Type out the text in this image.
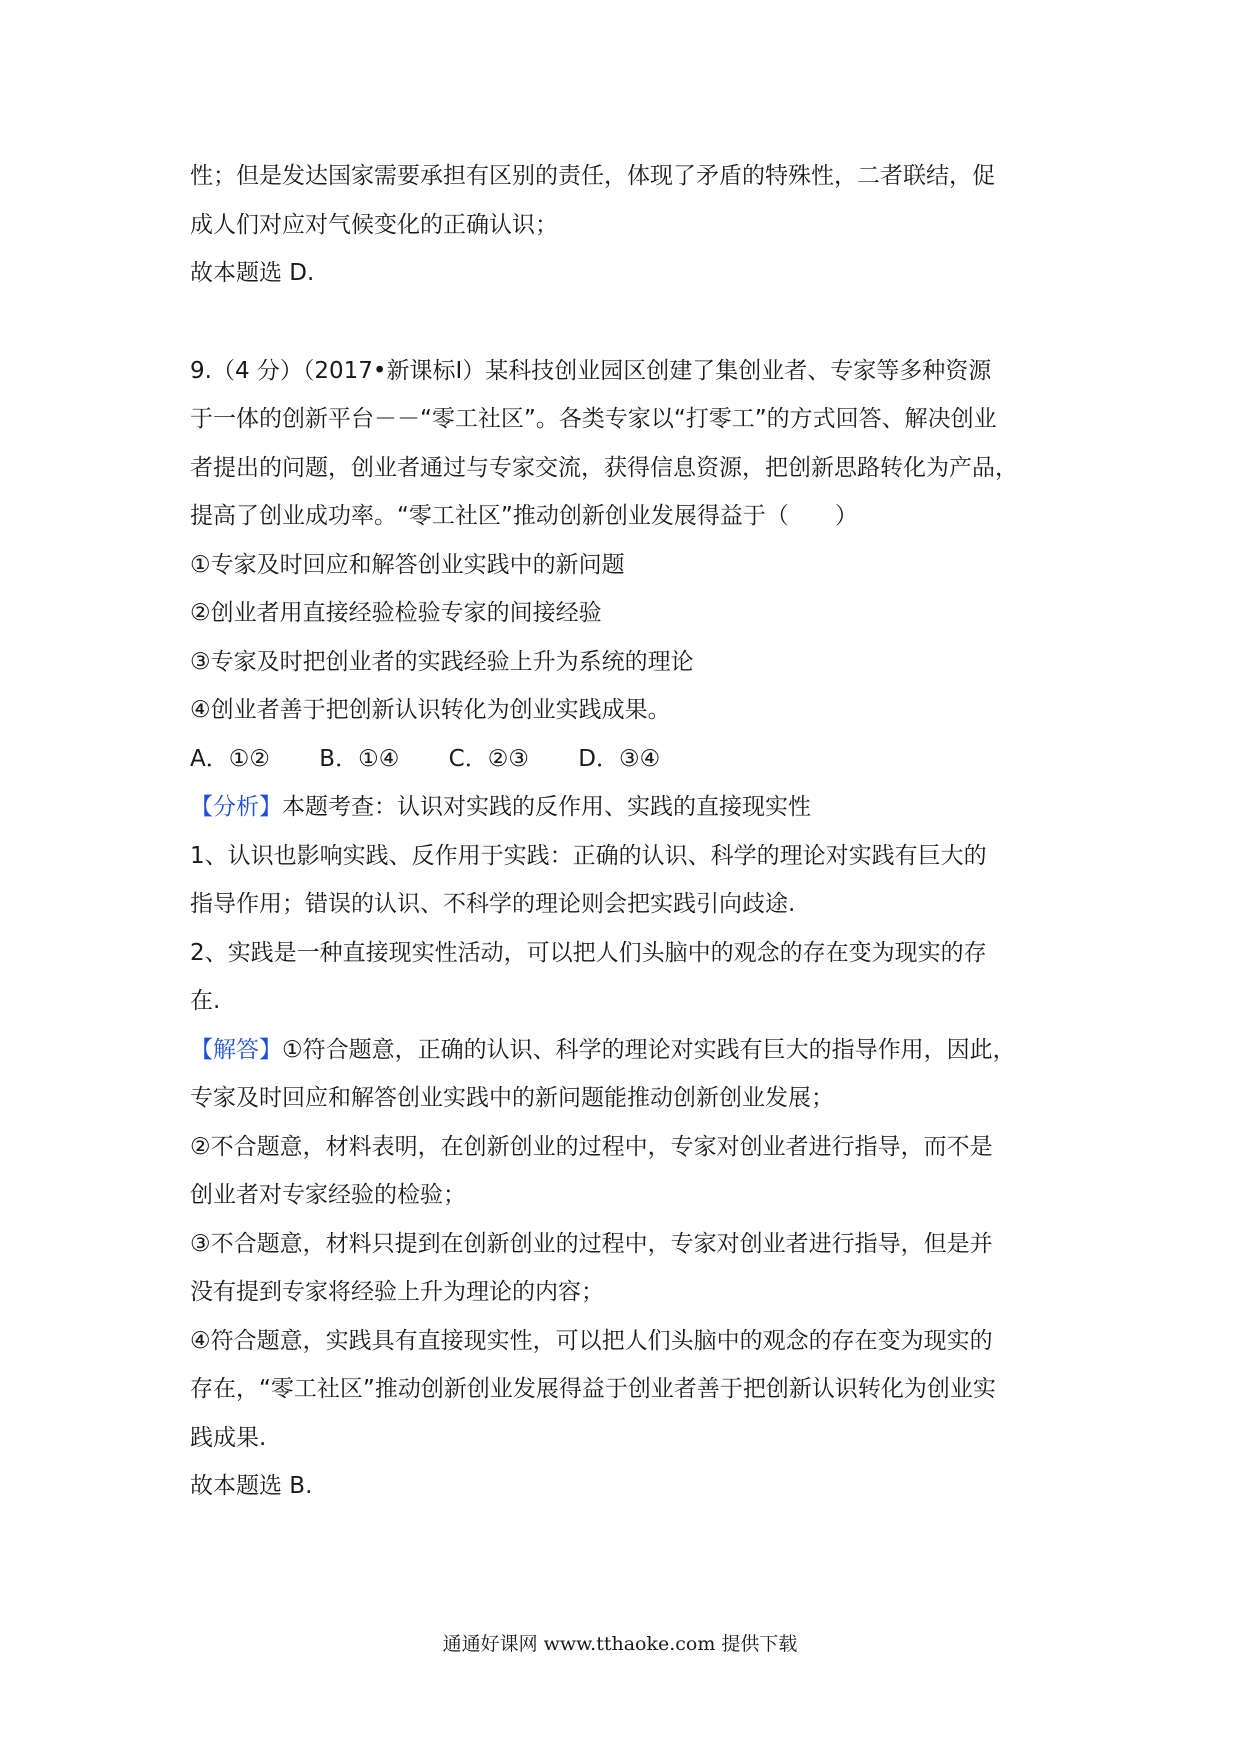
性；但是发达国家需要承担有区别的责任，体现了矛盾的特殊性，二者联结，促
成人们对应对气候变化的正确认识；
故本题选 D.
9.（4 分）（2017•新课标Ⅰ）某科技创业园区创建了集创业者、专家等多种资源
于一体的创新平台－－“零工社区”。各类专家以“打零工”的方式回答、解决创业
者提出的问题，创业者通过与专家交流，获得信息资源，把创新思路转化为产品，
提高了创业成功率。“零工社区”推动创新创业发展得益于（　　）
①专家及时回应和解答创业实践中的新问题
②创业者用直接经验检验专家的间接经验
③专家及时把创业者的实践经验上升为系统的理论
④创业者善于把创新认识转化为创业实践成果。
A．①② B．①④ C．②③ D．③④
【分析】本题考查：认识对实践的反作用、实践的直接现实性
1、认识也影响实践、反作用于实践：正确的认识、科学的理论对实践有巨大的
指导作用；错误的认识、不科学的理论则会把实践引向歧途.
2、实践是一种直接现实性活动，可以把人们头脑中的观念的存在变为现实的存
在.
【解答】①符合题意，正确的认识、科学的理论对实践有巨大的指导作用，因此，
专家及时回应和解答创业实践中的新问题能推动创新创业发展；
②不合题意，材料表明，在创新创业的过程中，专家对创业者进行指导，而不是
创业者对专家经验的检验；
③不合题意，材料只提到在创新创业的过程中，专家对创业者进行指导，但是并
没有提到专家将经验上升为理论的内容；
④符合题意，实践具有直接现实性，可以把人们头脑中的观念的存在变为现实的
存在，“零工社区”推动创新创业发展得益于创业者善于把创新认识转化为创业实
践成果.
故本题选 B.
通通好课网 www.tthaoke.com 提供下载
